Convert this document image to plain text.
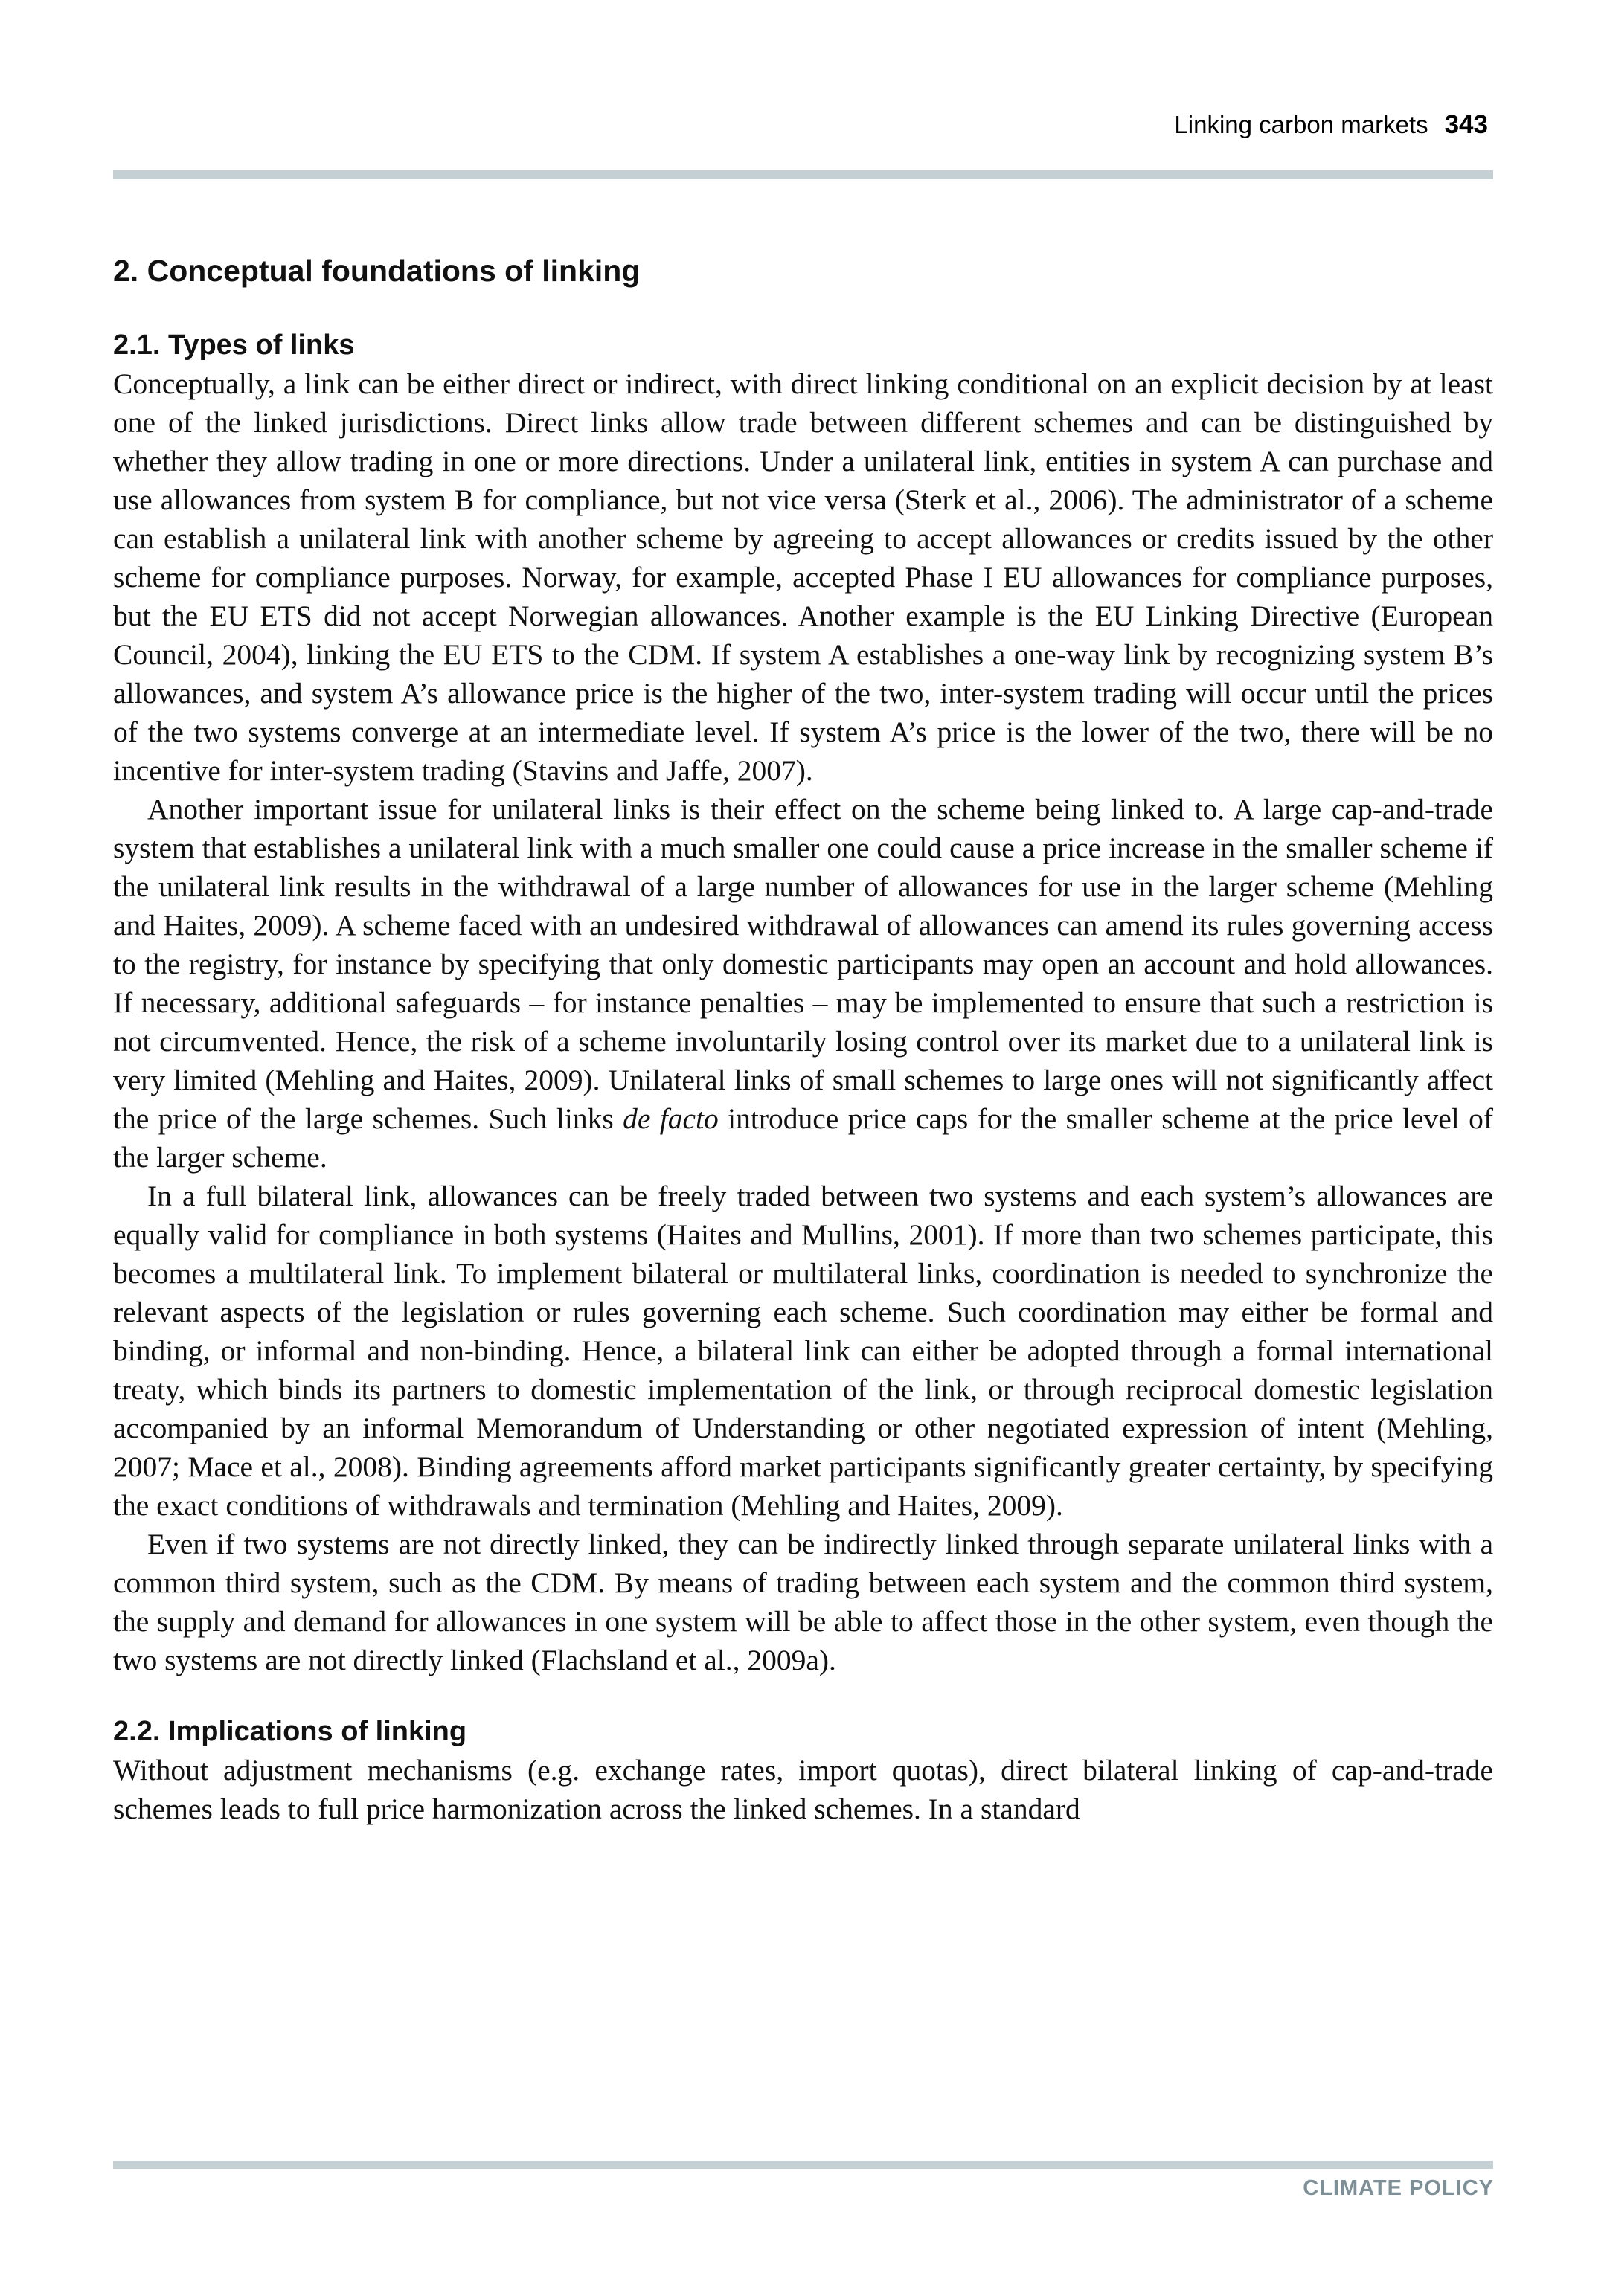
Linking carbon markets 343
2. Conceptual foundations of linking
2.1. Types of links

Conceptually, a link can be either direct or indirect, with direct linking conditional on an explicit decision by at least one of the linked jurisdictions. Direct links allow trade between different schemes and can be distinguished by whether they allow trading in one or more directions. Under a unilateral link, entities in system A can purchase and use allowances from system B for compliance, but not vice versa (Sterk et al., 2006). The administrator of a scheme can establish a unilateral link with another scheme by agreeing to accept allowances or credits issued by the other scheme for compliance purposes. Norway, for example, accepted Phase I EU allowances for compliance purposes, but the EU ETS did not accept Norwegian allowances. Another example is the EU Linking Directive (European Council, 2004), linking the EU ETS to the CDM. If system A establishes a one-way link by recognizing system B’s allowances, and system A’s allowance price is the higher of the two, inter-system trading will occur until the prices of the two systems converge at an intermediate level. If system A’s price is the lower of the two, there will be no incentive for inter-system trading (Stavins and Jaffe, 2007).

Another important issue for unilateral links is their effect on the scheme being linked to. A large cap-and-trade system that establishes a unilateral link with a much smaller one could cause a price increase in the smaller scheme if the unilateral link results in the withdrawal of a large number of allowances for use in the larger scheme (Mehling and Haites, 2009). A scheme faced with an undesired withdrawal of allowances can amend its rules governing access to the registry, for instance by specifying that only domestic participants may open an account and hold allowances. If necessary, additional safeguards – for instance penalties – may be implemented to ensure that such a restriction is not circumvented. Hence, the risk of a scheme involuntarily losing control over its market due to a unilateral link is very limited (Mehling and Haites, 2009). Unilateral links of small schemes to large ones will not significantly affect the price of the large schemes. Such links de facto introduce price caps for the smaller scheme at the price level of the larger scheme.

In a full bilateral link, allowances can be freely traded between two systems and each system’s allowances are equally valid for compliance in both systems (Haites and Mullins, 2001). If more than two schemes participate, this becomes a multilateral link. To implement bilateral or multilateral links, coordination is needed to synchronize the relevant aspects of the legislation or rules governing each scheme. Such coordination may either be formal and binding, or informal and non-binding. Hence, a bilateral link can either be adopted through a formal international treaty, which binds its partners to domestic implementation of the link, or through reciprocal domestic legislation accompanied by an informal Memorandum of Understanding or other negotiated expression of intent (Mehling, 2007; Mace et al., 2008). Binding agreements afford market participants significantly greater certainty, by specifying the exact conditions of withdrawals and termination (Mehling and Haites, 2009).

Even if two systems are not directly linked, they can be indirectly linked through separate unilateral links with a common third system, such as the CDM. By means of trading between each system and the common third system, the supply and demand for allowances in one system will be able to affect those in the other system, even though the two systems are not directly linked (Flachsland et al., 2009a).

2.2. Implications of linking

Without adjustment mechanisms (e.g. exchange rates, import quotas), direct bilateral linking of cap-and-trade schemes leads to full price harmonization across the linked schemes. In a standard

CLIMATE POLICY
